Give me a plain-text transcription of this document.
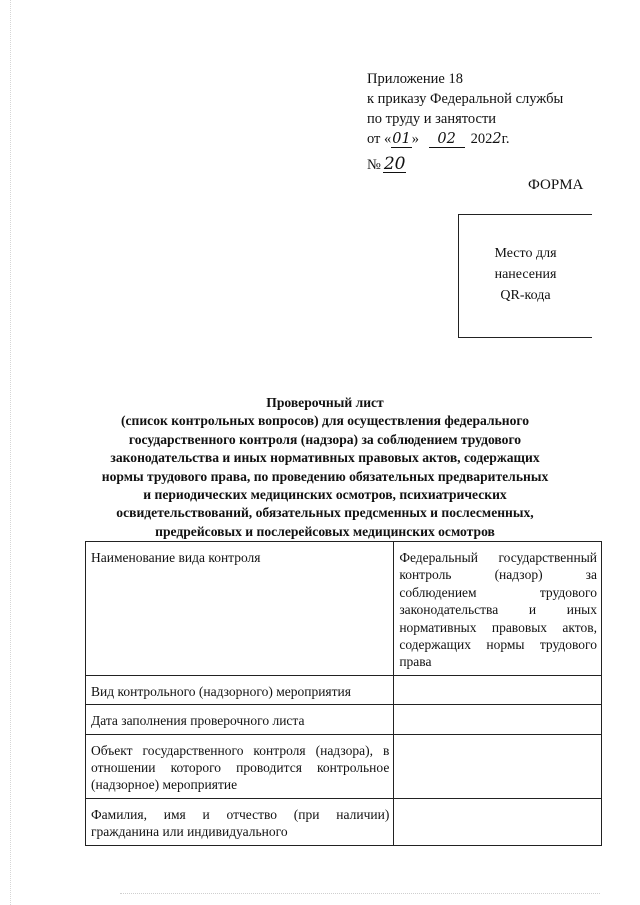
Приложение 18
к приказу Федеральной службы
по труду и занятости
от «01» 02 2022г.
№ 20
ФОРМА
Место для
нанесения
QR-кода
Проверочный лист
(список контрольных вопросов) для осуществления федерального
государственного контроля (надзора) за соблюдением трудового
законодательства и иных нормативных правовых актов, содержащих
нормы трудового права, по проведению обязательных предварительных
и периодических медицинских осмотров, психиатрических
освидетельствований, обязательных предсменных и послесменных,
предрейсовых и послерейсовых медицинских осмотров
Наименование вида контроля	Федеральный государственный контроль (надзор) за соблюдением трудового законодательства и иных нормативных правовых актов, содержащих нормы трудового права
Вид контрольного (надзорного) мероприятия	
Дата заполнения проверочного листа	
Объект государственного контроля (надзора), в отношении которого проводится контрольное (надзорное) мероприятие	
Фамилия, имя и отчество (при наличии) гражданина или индивидуального	
